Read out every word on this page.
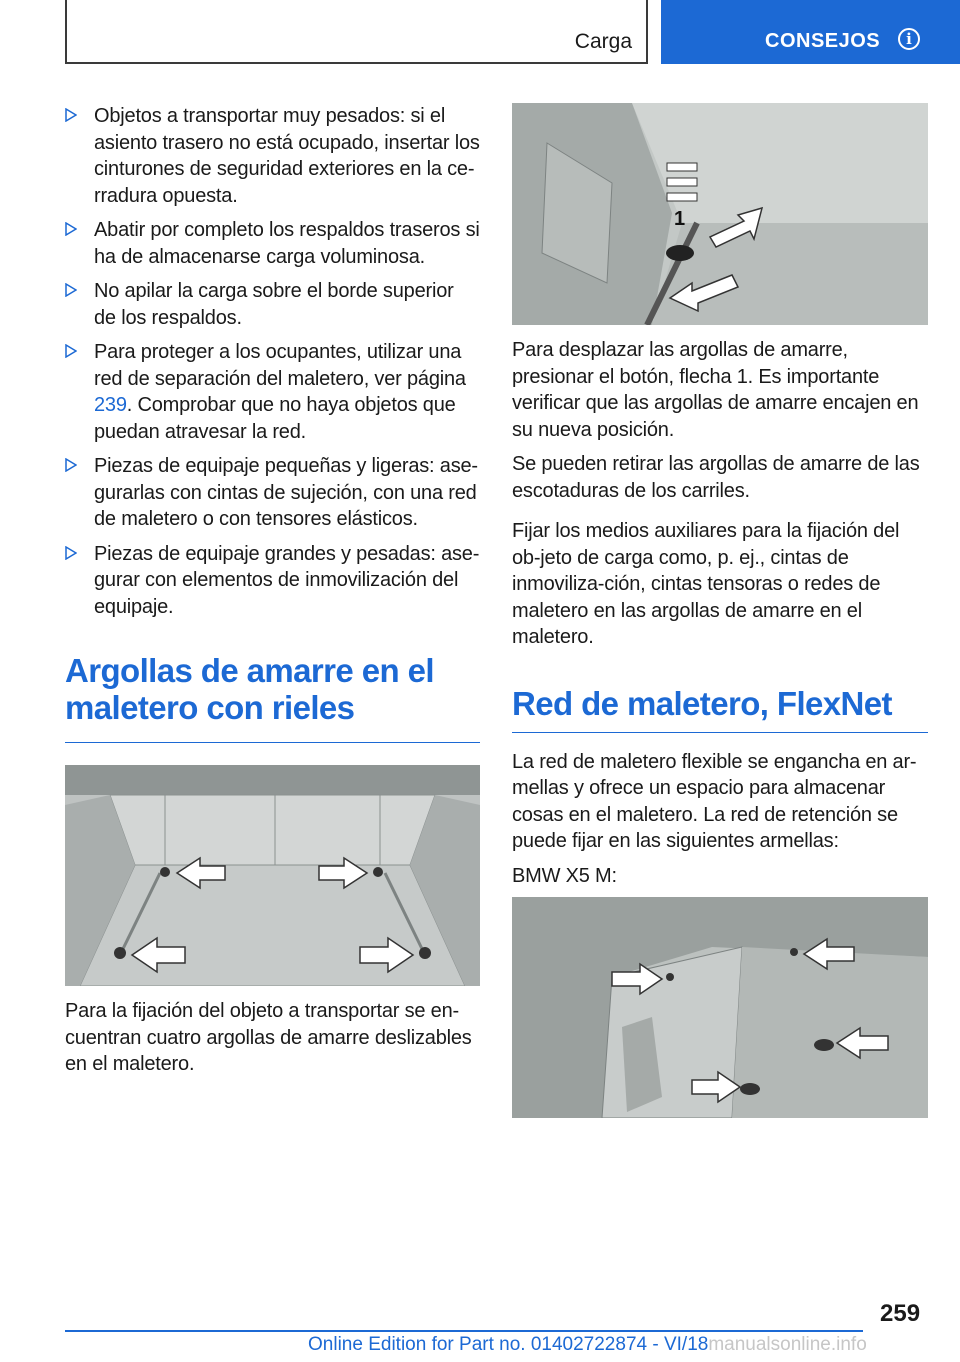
Carga	CONSEJOS	i
Objetos a transportar muy pesados: si el asiento trasero no está ocupado, insertar los cinturones de seguridad exteriores en la ce‐rradura opuesta.
Abatir por completo los respaldos traseros si ha de almacenarse carga voluminosa.
No apilar la carga sobre el borde superior de los respaldos.
Para proteger a los ocupantes, utilizar una red de separación del maletero, ver página 239. Comprobar que no haya objetos que puedan atravesar la red.
Piezas de equipaje pequeñas y ligeras: ase‐gurarlas con cintas de sujeción, con una red de maletero o con tensores elásticos.
Piezas de equipaje grandes y pesadas: ase‐gurar con elementos de inmovilización del equipaje.
Argollas de amarre en el maletero con rieles

Para la fijación del objeto a transportar se en‐cuentran cuatro argollas de amarre deslizables en el maletero.

1

Para desplazar las argollas de amarre, presionar el botón, flecha 1. Es importante verificar que las argollas de amarre encajen en su nueva posición.

Se pueden retirar las argollas de amarre de las escotaduras de los carriles.

Fijar los medios auxiliares para la fijación del ob‐jeto de carga como, p. ej., cintas de inmoviliza‐ción, cintas tensoras o redes de maletero en las argollas de amarre en el maletero.

Red de maletero, FlexNet

La red de maletero flexible se engancha en ar‐mellas y ofrece un espacio para almacenar cosas en el maletero. La red de retención se puede fijar en las siguientes armellas:

BMW X5 M:

259
Online Edition for Part no. 01402722874 - VI/18manualsonline.info
